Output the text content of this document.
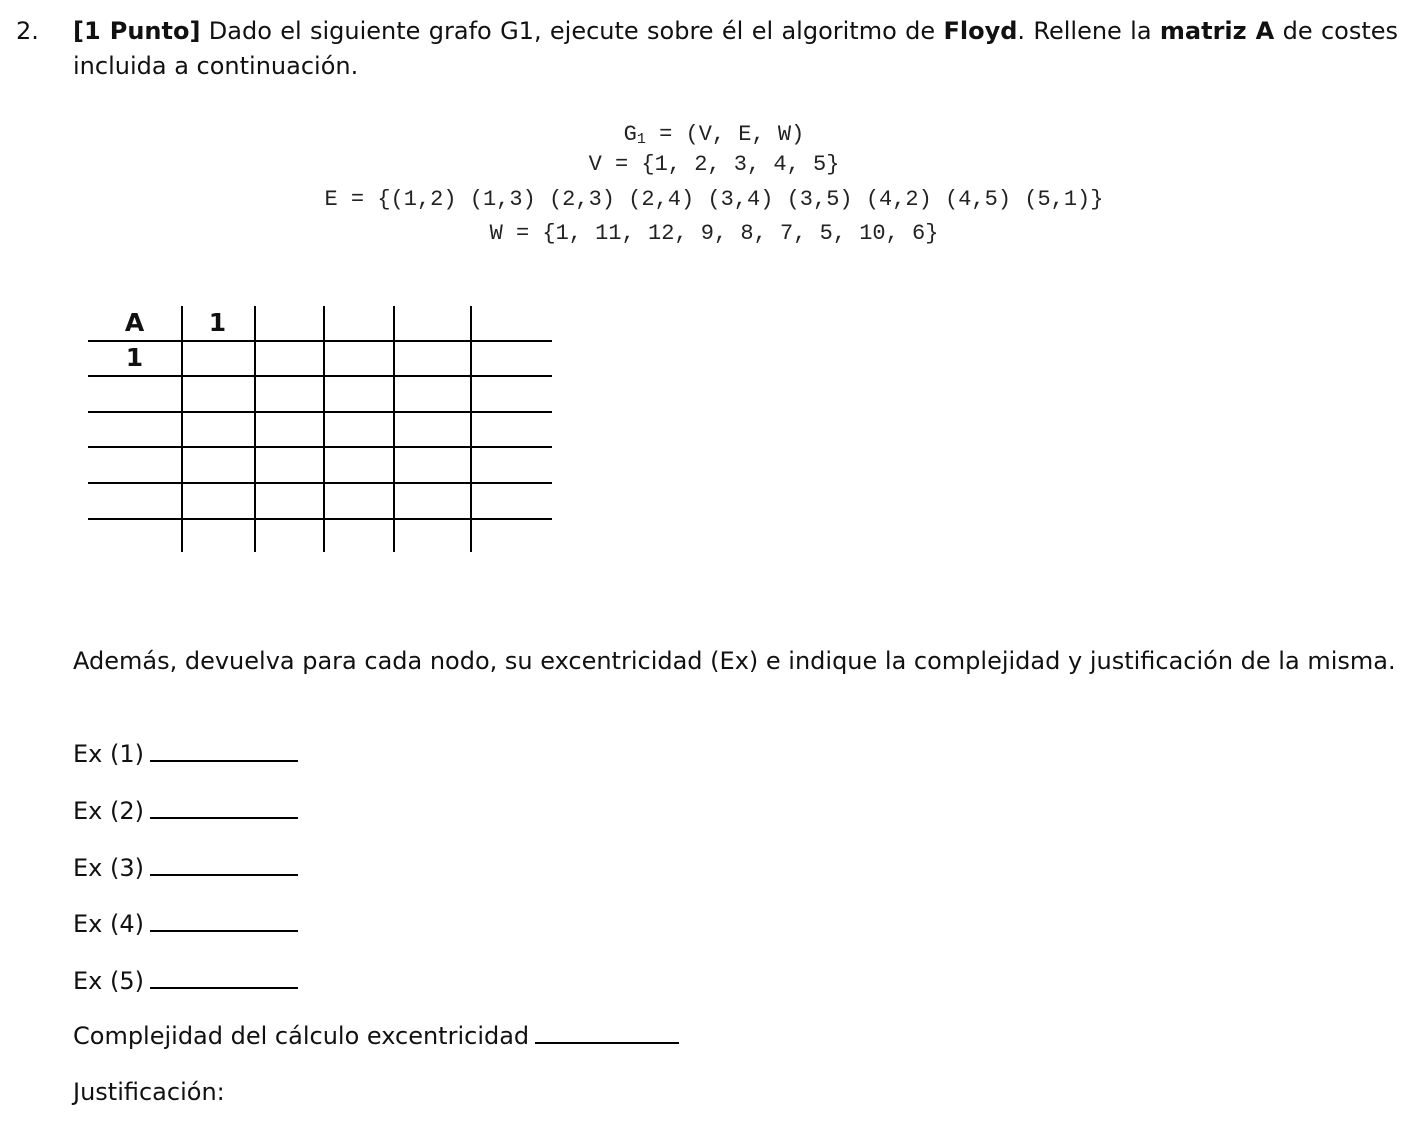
2. [1 Punto] Dado el siguiente grafo G1, ejecute sobre él el algoritmo de Floyd. Rellene la matriz A de costes incluida a continuación.
$G_1 = (V$, E, W)
V = {1, 2, 3, 4, 5}
E = {(1,2) (1,3) (2,3) (2,4) (3,4) (3,5) (4,2) (4,5) (5,1)}
W = {1, 11, 12, 9, 8, 7, 5, 10, 6}
A	1
1
Además, devuelva para cada nodo, su excentricidad (Ex) e indique la complejidad y justificación de la misma.
Ex (1)
Ex (2)
Ex (3)
Ex (4)
Ex (5)
Complejidad del cálculo excentricidad
Justificación:
